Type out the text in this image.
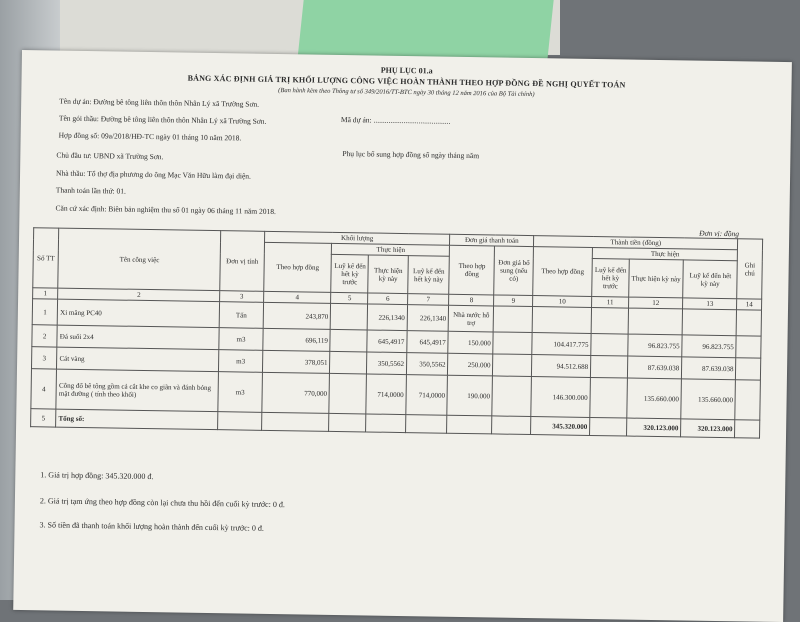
PHỤ LỤC 01.a
BẢNG XÁC ĐỊNH GIÁ TRỊ KHỐI LƯỢNG CÔNG VIỆC HOÀN THÀNH THEO HỢP ĐỒNG ĐỀ NGHỊ QUYẾT TOÁN
(Ban hành kèm theo Thông tư số 349/2016/TT-BTC ngày 30 tháng 12 năm 2016 của Bộ Tài chính)
Tên dự án: Đường bê tông liên thôn thôn Nhân Lý xã Trường Sơn.
Mã dự án: .........................................
Tên gói thầu: Đường bê tông liên thôn thôn Nhân Lý xã Trường Sơn.
Hợp đồng số: 09a/2018/HĐ-TC ngày 01 tháng 10 năm 2018.
Phụ lục bổ sung hợp đồng số ngày tháng năm
Chủ đầu tư: UBND xã Trường Sơn.
Nhà thầu: Tổ thợ địa phương do ông Mạc Văn Hữu làm đại diện.
Thanh toán lần thứ: 01.
Căn cứ xác định: Biên bản nghiệm thu số 01 ngày 06 tháng 11 năm 2018.
Đơn vị: đồng
Số TT	Tên công việc	Đơn vị tính	Khối lượng				Đơn giá thanh toán		Thành tiền (đồng)				Ghi chú
			Theo hợp đồng	Thực hiện			Theo hợp đồng	Đơn giá bổ sung (nếu có)	Theo hợp đồng	Thực hiện			
				Luỹ kế đến hết kỳ trước	Thực hiện kỳ này	Luỹ kế đến hết kỳ này				Luỹ kế đến hết kỳ trước	Thực hiện kỳ này	Luỹ kế đến hết kỳ này	
1	2	3	4	5	6	7	8	9	10	11	12	13	14
1	Xi măng PC40	Tấn	243,870		226,1340	226,1340	Nhà nước hỗ trợ						
2	Đá suối 2x4	m3	696,119		645,4917	645,4917	150.000		104.417.775		96.823.755	96.823.755	
3	Cát vàng	m3	378,051		350,5562	350,5562	250.000		94.512.688		87.639.038	87.639.038	
4	Công đổ bê tông gồm cả cắt khe co giãn và đánh bóng mặt đường ( tính theo khối)	m3	770,000		714,0000	714,0000	190.000		146.300.000		135.660.000	135.660.000	
5	Tổng số:								345.320.000		320.123.000	320.123.000	
1. Giá trị hợp đồng: 345.320.000 đ.
2. Giá trị tạm ứng theo hợp đồng còn lại chưa thu hồi đến cuối kỳ trước: 0 đ.
3. Số tiền đã thanh toán khối lượng hoàn thành đến cuối kỳ trước: 0 đ.
